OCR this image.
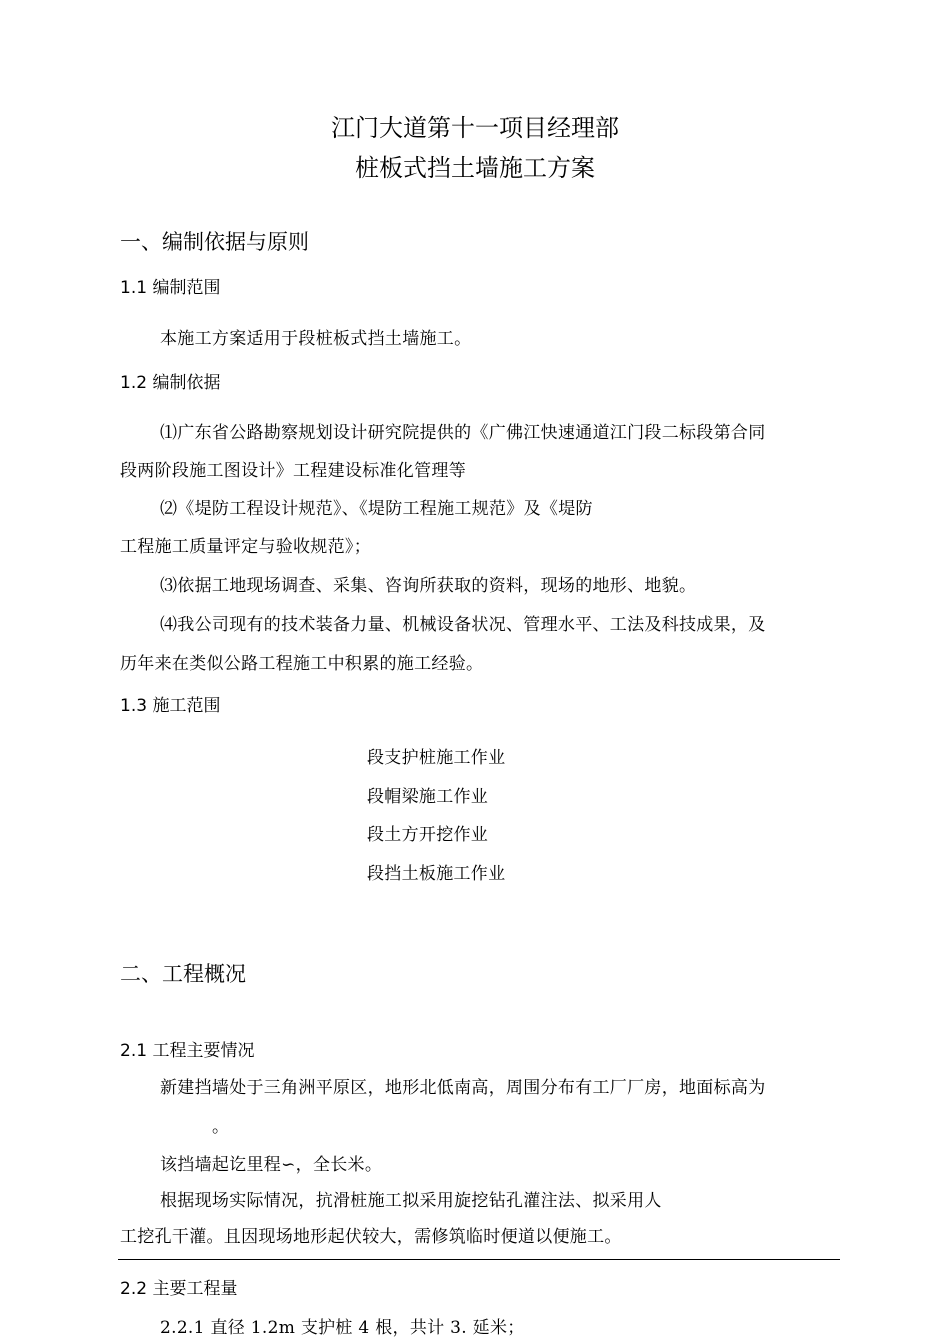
江门大道第十一项目经理部
桩板式挡土墙施工方案
一、编制依据与原则
1.1 编制范围
本施工方案适用于段桩板式挡土墙施工。
1.2 编制依据
⑴广东省公路勘察规划设计研究院提供的《广佛江快速通道江门段二标段第合同
段两阶段施工图设计》工程建设标准化管理等
⑵《堤防工程设计规范》、《堤防工程施工规范》及《堤防
工程施工质量评定与验收规范》；
⑶依据工地现场调查、采集、咨询所获取的资料，现场的地形、地貌。
⑷我公司现有的技术装备力量、机械设备状况、管理水平、工法及科技成果，及
历年来在类似公路工程施工中积累的施工经验。
1.3 施工范围
段支护桩施工作业
段帽梁施工作业
段土方开挖作业
段挡土板施工作业
二、工程概况
2.1 工程主要情况
新建挡墙处于三角洲平原区，地形北低南高，周围分布有工厂厂房，地面标高为
。
该挡墙起讫里程∽，全长米。
根据现场实际情况，抗滑桩施工拟采用旋挖钻孔灌注法、拟采用人
工挖孔干灌。且因现场地形起伏较大，需修筑临时便道以便施工。
2.2 主要工程量
2.2.1 直径 1.2m 支护桩 4 根，共计 3. 延米；
